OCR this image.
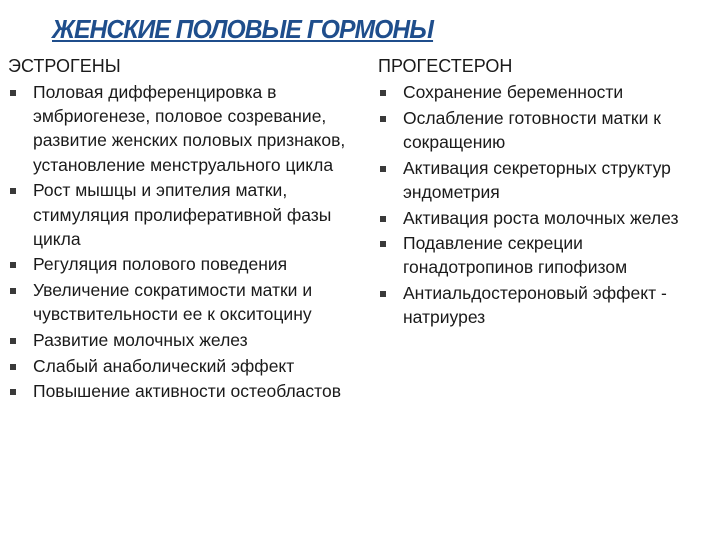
ЖЕНСКИЕ ПОЛОВЫЕ ГОРМОНЫ
ЭСТРОГЕНЫ
Половая дифференцировка в эмбриогенезе, половое созревание, развитие женских половых признаков, установление менструального цикла
Рост мышцы и эпителия матки, стимуляция пролиферативной фазы цикла
Регуляция полового поведения
Увеличение сократимости матки и чувствительности ее к окситоцину
Развитие молочных желез
Слабый анаболический эффект
Повышение активности остеобластов
ПРОГЕСТЕРОН
Сохранение беременности
Ослабление готовности матки к сокращению
Активация секреторных структур эндометрия
Активация роста молочных желез
Подавление секреции гонадотропинов гипофизом
Антиальдостероновый эффект - натриурез
